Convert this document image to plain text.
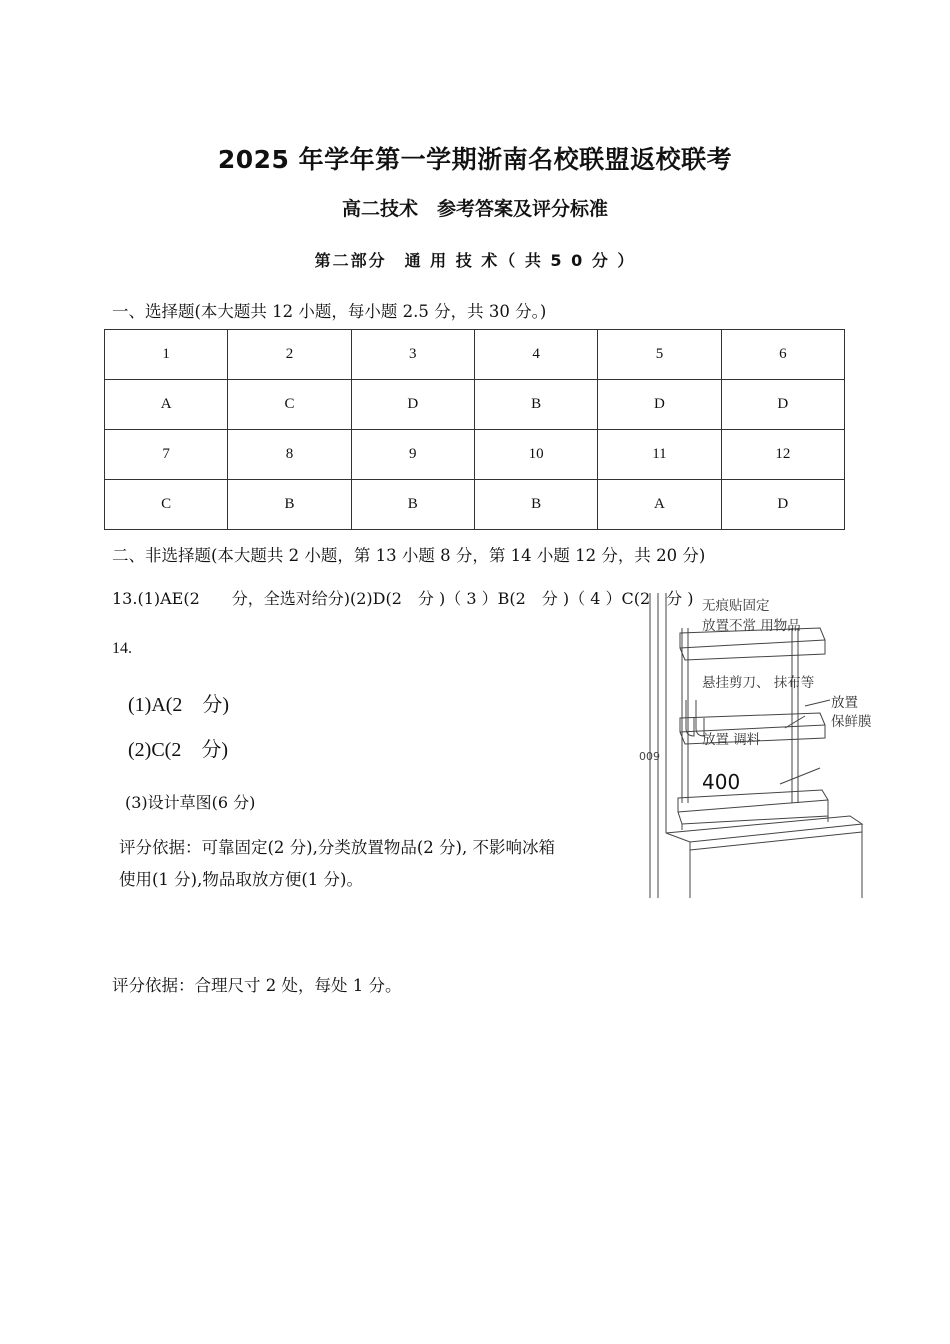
2025 年学年第一学期浙南名校联盟返校联考
高二技术　参考答案及评分标准
第二部分　通 用 技 术（ 共 5 0 分 ）
一、选择题(本大题共 12 小题，每小题 2.5 分，共 30 分。)
1	2	3	4	5	6
A	C	D	B	D	D
7	8	9	10	11	12
C	B	B	B	A	D
二、非选择题(本大题共 2 小题，第 13 小题 8 分，第 14 小题 12 分，共 20 分)
13.(1)AE(2　　分，全选对给分)(2)D(2　分 )（ 3 ）B(2　分 )（ 4 ）C(2　分 )
14.
(1)A(2　分)
(2)C(2　分)
(3)设计草图(6 分)
评分依据：可靠固定(2 分),分类放置物品(2 分), 不影响冰箱使用(1 分),物品取放方便(1 分)。
评分依据：合理尺寸 2 处，每处 1 分。
无痕贴固定
放置不常 用物品
悬挂剪刀、 抹布等
放置
保鲜膜
放置 调料
600
400
